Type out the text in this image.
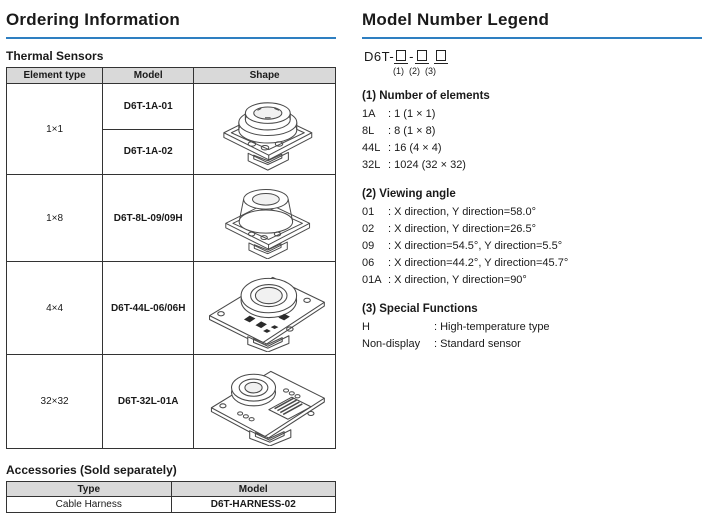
Ordering Information
Thermal Sensors
Element type	Model	Shape
1×1	D6T-1A-01	

	D6T-1A-02	
1×8	D6T-8L-09/09H	

4×4	D6T-44L-06/06H	

32×32	D6T-32L-01A	
Accessories (Sold separately)
Type	Model
Cable Harness	D6T-HARNESS-02
Model Number Legend
D6T- -
(1) (2) (3)
(1) Number of elements
1A	: 1 (1 × 1)
8L	: 8 (1 × 8)
44L : 16 (4 × 4)
32L : 1024 (32 × 32)
(2) Viewing angle
01	: X direction, Y direction=58.0°
02	: X direction, Y direction=26.5°
09	: X direction=54.5°, Y direction=5.5°
06	: X direction=44.2°, Y direction=45.7°
01A : X direction, Y direction=90°
(3) Special Functions
H	: High-temperature type
Non-display	: Standard sensor
